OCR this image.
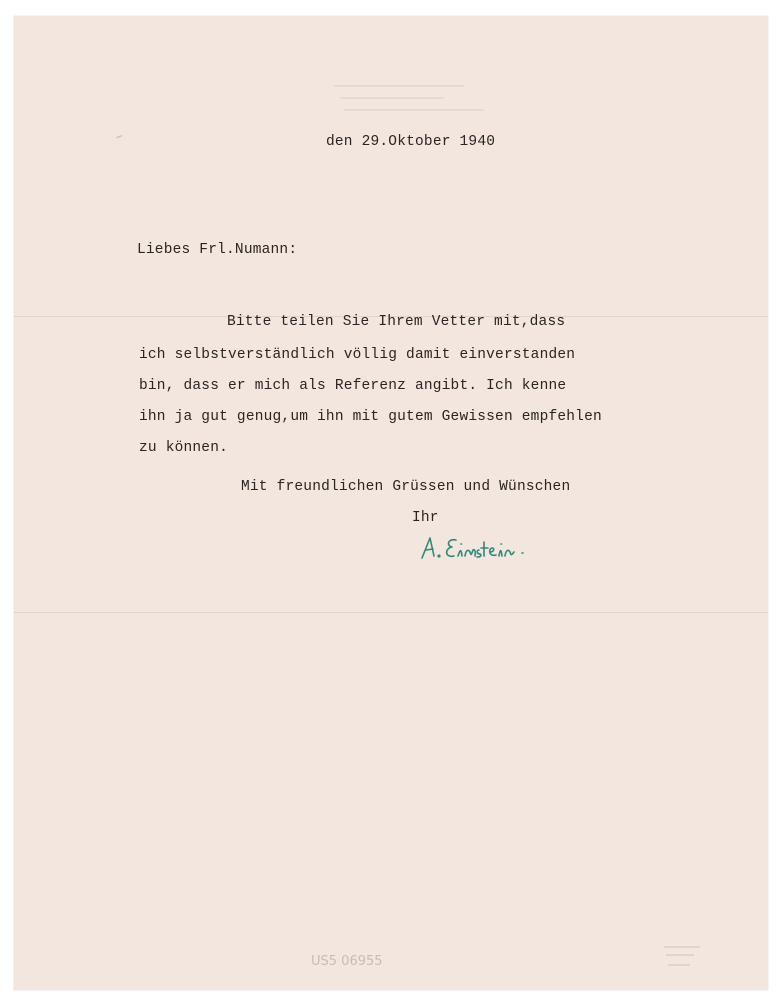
den 29.Oktober 1940
Liebes Frl.Numann:
Bitte teilen Sie Ihrem Vetter mit,dass
ich selbstverständlich völlig damit einverstanden
bin, dass er mich als Referenz angibt. Ich kenne
ihn ja gut genug,um ihn mit gutem Gewissen empfehlen
zu können.
Mit freundlichen Grüssen und Wünschen
Ihr
US5 06955
